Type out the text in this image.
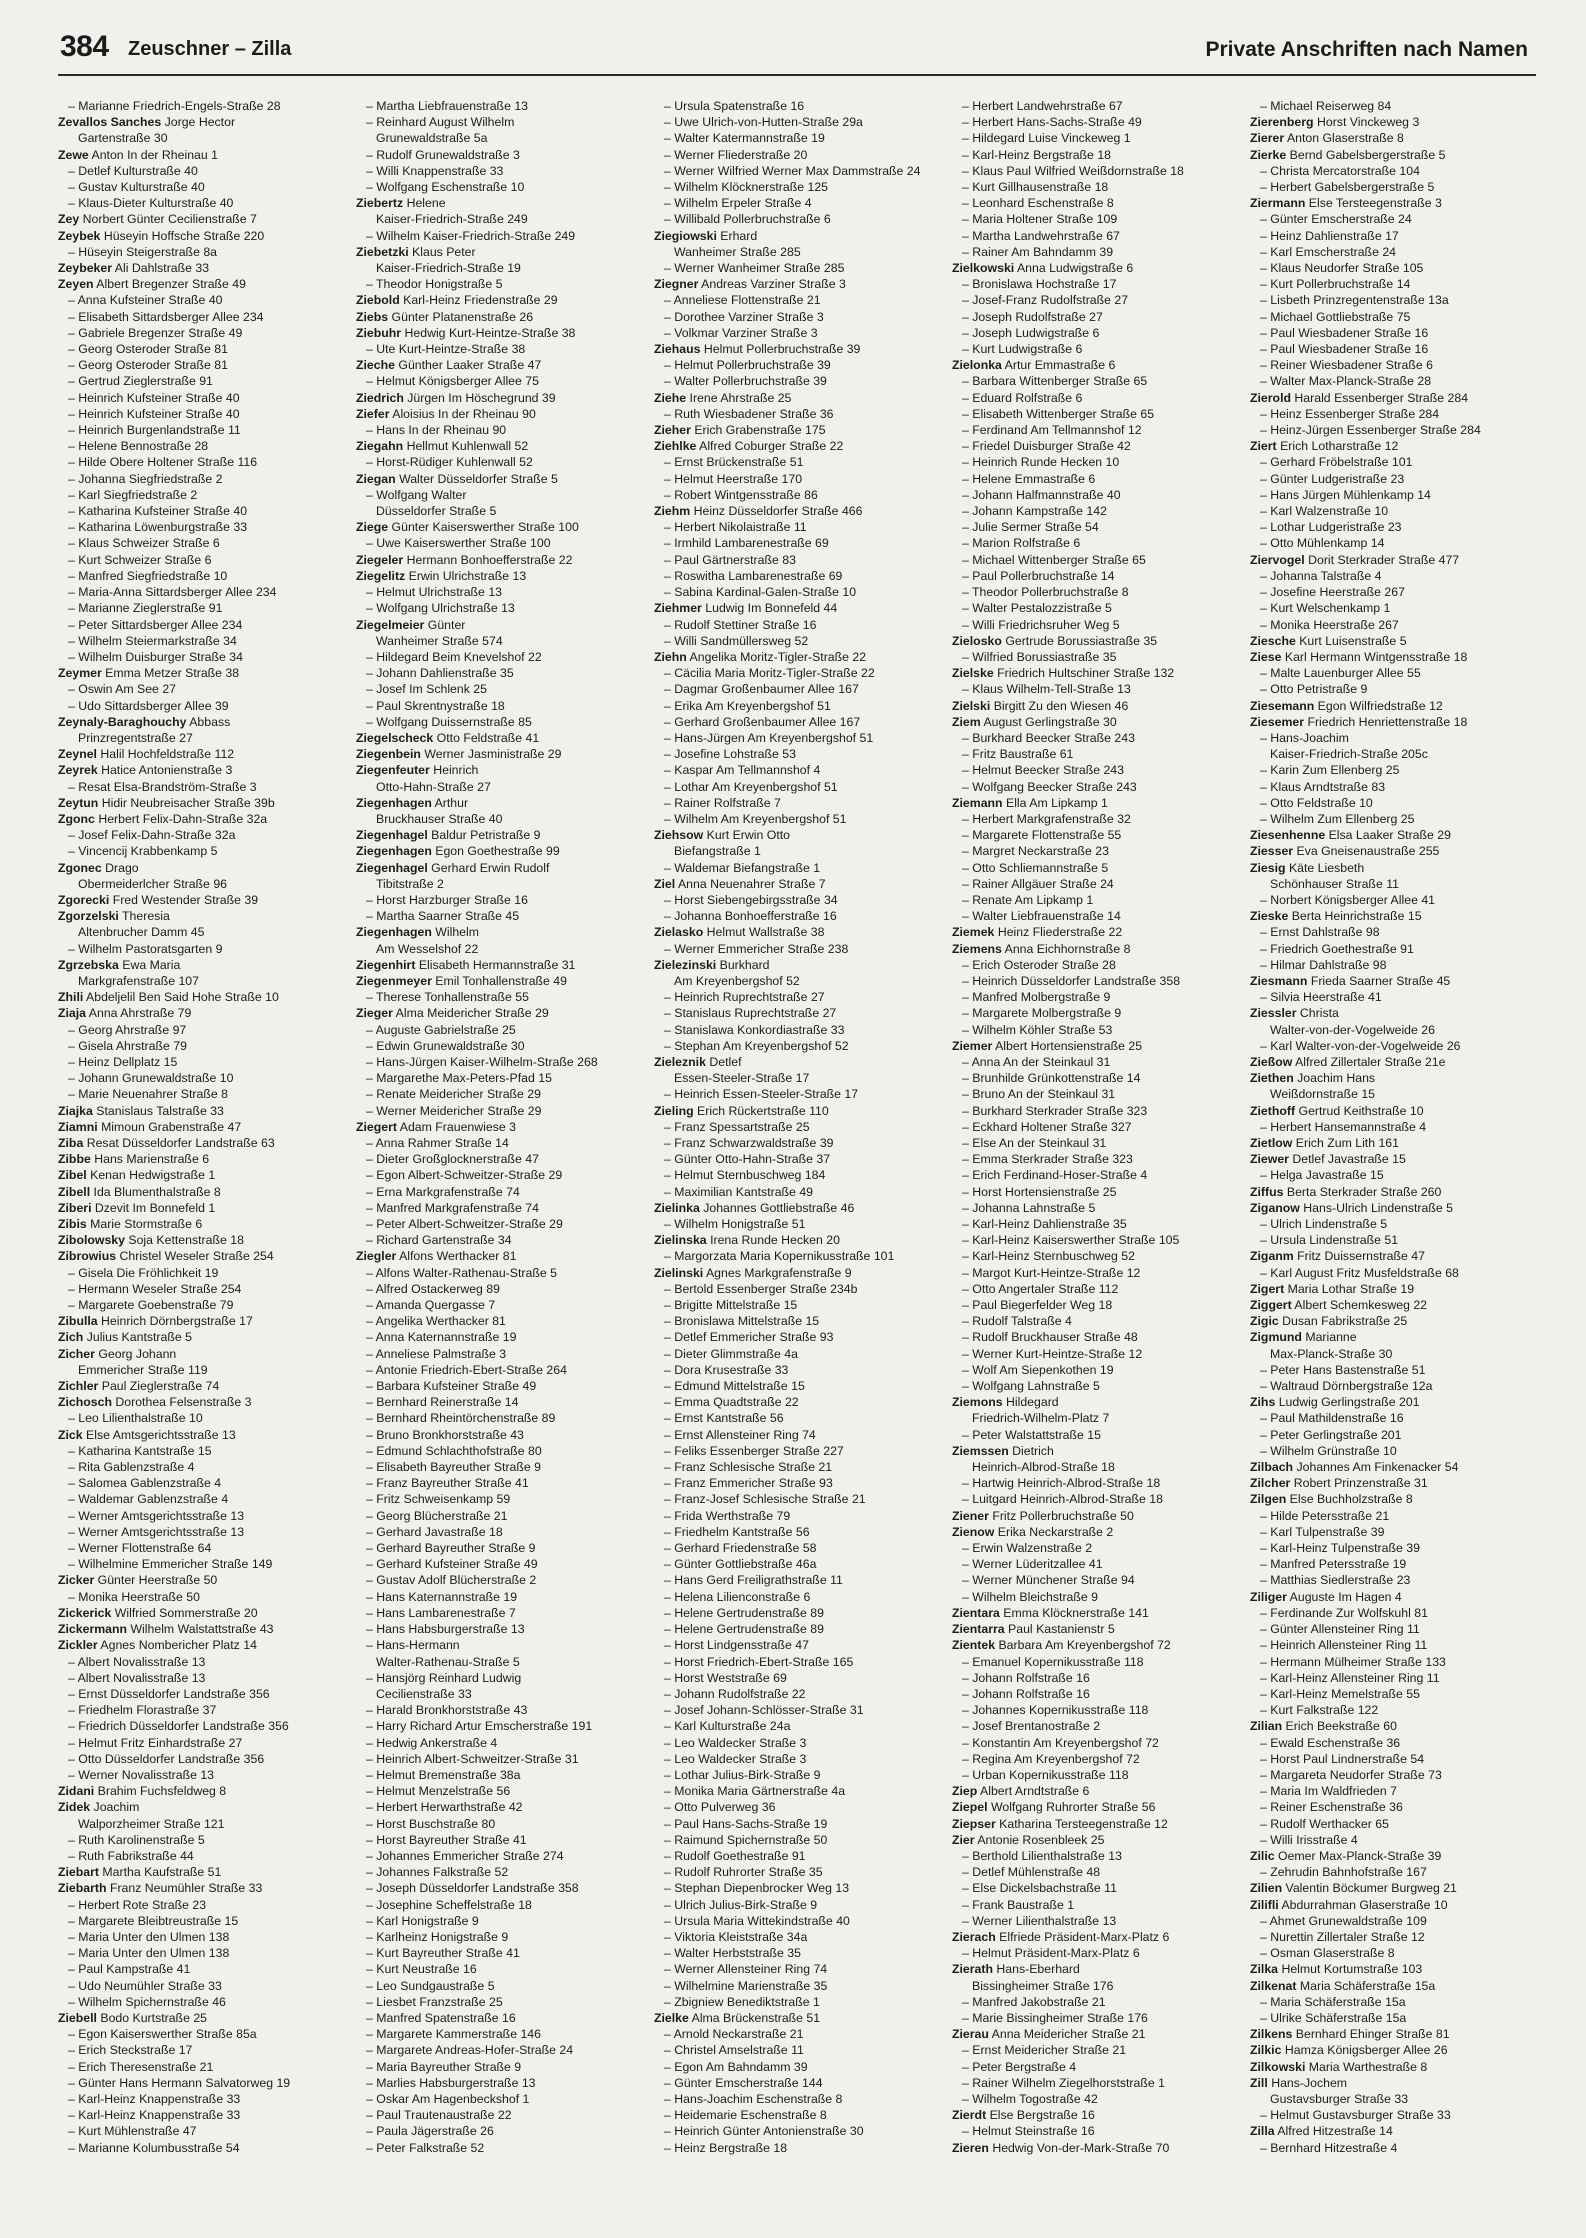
384 Zeuschner – Zilla	Private Anschriften nach Namen
– Marianne Friedrich-Engels-Straße 28
Zevallos Sanches Jorge Hector
Gartenstraße 30
Zewe Anton In der Rheinau 1
– Detlef Kulturstraße 40
– Gustav Kulturstraße 40
– Klaus-Dieter Kulturstraße 40
Zey Norbert Günter Cecilienstraße 7
Zeybek Hüseyin Hoffsche Straße 220
– Hüseyin Steigerstraße 8a
Zeybeker Ali Dahlstraße 33
Zeyen Albert Bregenzer Straße 49
– Anna Kufsteiner Straße 40
– Elisabeth Sittardsberger Allee 234
– Gabriele Bregenzer Straße 49
– Georg Osteroder Straße 81
– Georg Osteroder Straße 81
– Gertrud Zieglerstraße 91
– Heinrich Kufsteiner Straße 40
– Heinrich Kufsteiner Straße 40
– Heinrich Burgenlandstraße 11
– Helene Bennostraße 28
– Hilde Obere Holtener Straße 116
– Johanna Siegfriedstraße 2
– Karl Siegfriedstraße 2
– Katharina Kufsteiner Straße 40
– Katharina Löwenburgstraße 33
– Klaus Schweizer Straße 6
– Kurt Schweizer Straße 6
– Manfred Siegfriedstraße 10
– Maria-Anna Sittardsberger Allee 234
– Marianne Zieglerstraße 91
– Peter Sittardsberger Allee 234
– Wilhelm Steiermarkstraße 34
– Wilhelm Duisburger Straße 34
Zeymer Emma Metzer Straße 38
– Oswin Am See 27
– Udo Sittardsberger Allee 39
Zeynaly-Baraghouchy Abbass
Prinzregentstraße 27
Zeynel Halil Hochfeldstraße 112
Zeyrek Hatice Antonienstraße 3
– Resat Elsa-Brandström-Straße 3
Zeytun Hidir Neubreisacher Straße 39b
Zgonc Herbert Felix-Dahn-Straße 32a
– Josef Felix-Dahn-Straße 32a
– Vincencij Krabbenkamp 5
Zgonec Drago
Obermeiderlcher Straße 96
Zgorecki Fred Westender Straße 39
Zgorzelski Theresia
Altenbrucher Damm 45
– Wilhelm Pastoratsgarten 9
Zgrzebska Ewa Maria
Markgrafenstraße 107
Zhili Abdeljelil Ben Said Hohe Straße 10
Ziaja Anna Ahrstraße 79
– Georg Ahrstraße 97
– Gisela Ahrstraße 79
– Heinz Dellplatz 15
– Johann Grunewaldstraße 10
– Marie Neuenahrer Straße 8
Ziajka Stanislaus Talstraße 33
Ziamni Mimoun Grabenstraße 47
Ziba Resat Düsseldorfer Landstraße 63
Zibbe Hans Marienstraße 6
Zibel Kenan Hedwigstraße 1
Zibell Ida Blumenthalstraße 8
Ziberi Dzevit Im Bonnefeld 1
Zibis Marie Stormstraße 6
Zibolowsky Soja Kettenstraße 18
Zibrowius Christel Weseler Straße 254
– Gisela Die Fröhlichkeit 19
– Hermann Weseler Straße 254
– Margarete Goebenstraße 79
Zibulla Heinrich Dörnbergstraße 17
Zich Julius Kantstraße 5
Zicher Georg Johann
Emmericher Straße 119
Zichler Paul Zieglerstraße 74
Zichosch Dorothea Felsenstraße 3
– Leo Lilienthalstraße 10
Zick Else Amtsgerichtsstraße 13
– Katharina Kantstraße 15
– Rita Gablenzstraße 4
– Salomea Gablenzstraße 4
– Waldemar Gablenzstraße 4
– Werner Amtsgerichtsstraße 13
– Werner Amtsgerichtsstraße 13
– Werner Flottenstraße 64
– Wilhelmine Emmericher Straße 149
Zicker Günter Heerstraße 50
– Monika Heerstraße 50
Zickerick Wilfried Sommerstraße 20
Zickermann Wilhelm Walstattstraße 43
Zickler Agnes Nombericher Platz 14
– Albert Novalisstraße 13
– Albert Novalisstraße 13
– Ernst Düsseldorfer Landstraße 356
– Friedhelm Florastraße 37
– Friedrich Düsseldorfer Landstraße 356
– Helmut Fritz Einhardstraße 27
– Otto Düsseldorfer Landstraße 356
– Werner Novalisstraße 13
Zidani Brahim Fuchsfeldweg 8
Zidek Joachim
Walporzheimer Straße 121
– Ruth Karolinenstraße 5
– Ruth Fabrikstraße 44
Ziebart Martha Kaufstraße 51
Ziebarth Franz Neumühler Straße 33
– Herbert Rote Straße 23
– Margarete Bleibtreustraße 15
– Maria Unter den Ulmen 138
– Maria Unter den Ulmen 138
– Paul Kampstraße 41
– Udo Neumühler Straße 33
– Wilhelm Spichernstraße 46
Ziebell Bodo Kurtstraße 25
– Egon Kaiserswerther Straße 85a
– Erich Steckstraße 17
– Erich Theresenstraße 21
– Günter Hans Hermann Salvatorweg 19
– Karl-Heinz Knappenstraße 33
– Karl-Heinz Knappenstraße 33
– Kurt Mühlenstraße 47
– Marianne Kolumbusstraße 54
– Martha Liebfrauenstraße 13
– Reinhard August Wilhelm
Grunewaldstraße 5a
– Rudolf Grunewaldstraße 3
– Willi Knappenstraße 33
– Wolfgang Eschenstraße 10
Ziebertz Helene
Kaiser-Friedrich-Straße 249
– Wilhelm Kaiser-Friedrich-Straße 249
Ziebetzki Klaus Peter
Kaiser-Friedrich-Straße 19
– Theodor Honigstraße 5
Ziebold Karl-Heinz Friedenstraße 29
Ziebs Günter Platanenstraße 26
Ziebuhr Hedwig Kurt-Heintze-Straße 38
– Ute Kurt-Heintze-Straße 38
Zieche Günther Laaker Straße 47
– Helmut Königsberger Allee 75
Ziedrich Jürgen Im Höschegrund 39
Ziefer Aloisius In der Rheinau 90
– Hans In der Rheinau 90
Ziegahn Hellmut Kuhlenwall 52
– Horst-Rüdiger Kuhlenwall 52
Ziegan Walter Düsseldorfer Straße 5
– Wolfgang Walter
Düsseldorfer Straße 5
Ziege Günter Kaiserswerther Straße 100
– Uwe Kaiserswerther Straße 100
Ziegeler Hermann Bonhoefferstraße 22
Ziegelitz Erwin Ulrichstraße 13
– Helmut Ulrichstraße 13
– Wolfgang Ulrichstraße 13
Ziegelmeier Günter
Wanheimer Straße 574
– Hildegard Beim Knevelshof 22
– Johann Dahlienstraße 35
– Josef Im Schlenk 25
– Paul Skrentnystraße 18
– Wolfgang Duissernstraße 85
Ziegelscheck Otto Feldstraße 41
Ziegenbein Werner Jasministraße 29
Ziegenfeuter Heinrich
Otto-Hahn-Straße 27
Ziegenhagen Arthur
Bruckhauser Straße 40
Ziegenhagel Baldur Petristraße 9
Ziegenhagen Egon Goethestraße 99
Ziegenhagel Gerhard Erwin Rudolf
Tibitstraße 2
– Horst Harzburger Straße 16
– Martha Saarner Straße 45
Ziegenhagen Wilhelm
Am Wesselshof 22
Ziegenhirt Elisabeth Hermannstraße 31
Ziegenmeyer Emil Tonhallenstraße 49
– Therese Tonhallenstraße 55
Zieger Alma Meidericher Straße 29
– Auguste Gabrielstraße 25
– Edwin Grunewaldstraße 30
– Hans-Jürgen Kaiser-Wilhelm-Straße 268
– Margarethe Max-Peters-Pfad 15
– Renate Meidericher Straße 29
– Werner Meidericher Straße 29
Ziegert Adam Frauenwiese 3
– Anna Rahmer Straße 14
– Dieter Großglocknerstraße 47
– Egon Albert-Schweitzer-Straße 29
– Erna Markgrafenstraße 74
– Manfred Markgrafenstraße 74
– Peter Albert-Schweitzer-Straße 29
– Richard Gartenstraße 34
Ziegler Alfons Werthacker 81
– Alfons Walter-Rathenau-Straße 5
– Alfred Ostackerweg 89
– Amanda Quergasse 7
– Angelika Werthacker 81
– Anna Katernannstraße 19
– Anneliese Palmstraße 3
– Antonie Friedrich-Ebert-Straße 264
– Barbara Kufsteiner Straße 49
– Bernhard Reinerstraße 14
– Bernhard Rheintörchenstraße 89
– Bruno Bronkhorststraße 43
– Edmund Schlachthofstraße 80
– Elisabeth Bayreuther Straße 9
– Franz Bayreuther Straße 41
– Fritz Schweisenkamp 59
– Georg Blücherstraße 21
– Gerhard Javastraße 18
– Gerhard Bayreuther Straße 9
– Gerhard Kufsteiner Straße 49
– Gustav Adolf Blücherstraße 2
– Hans Katernannstraße 19
– Hans Lambarenestraße 7
– Hans Habsburgerstraße 13
– Hans-Hermann
Walter-Rathenau-Straße 5
– Hansjörg Reinhard Ludwig
Cecilienstraße 33
– Harald Bronkhorststraße 43
– Harry Richard Artur Emscherstraße 191
– Hedwig Ankerstraße 4
– Heinrich Albert-Schweitzer-Straße 31
– Helmut Bremenstraße 38a
– Helmut Menzelstraße 56
– Herbert Herwarthstraße 42
– Horst Buschstraße 80
– Horst Bayreuther Straße 41
– Johannes Emmericher Straße 274
– Johannes Falkstraße 52
– Joseph Düsseldorfer Landstraße 358
– Josephine Scheffelstraße 18
– Karl Honigstraße 9
– Karlheinz Honigstraße 9
– Kurt Bayreuther Straße 41
– Kurt Neustraße 16
– Leo Sundgaustraße 5
– Liesbet Franzstraße 25
– Manfred Spatenstraße 16
– Margarete Kammerstraße 146
– Margarete Andreas-Hofer-Straße 24
– Maria Bayreuther Straße 9
– Marlies Habsburgerstraße 13
– Oskar Am Hagenbeckshof 1
– Paul Trautenaustraße 22
– Paula Jägerstraße 26
– Peter Falkstraße 52
– Ursula Spatenstraße 16
– Uwe Ulrich-von-Hutten-Straße 29a
– Walter Katermannstraße 19
– Werner Fliederstraße 20
– Werner Wilfried Werner Max Dammstraße 24
– Wilhelm Klöcknerstraße 125
– Wilhelm Erpeler Straße 4
– Willibald Pollerbruchstraße 6
Ziegiowski Erhard
Wanheimer Straße 285
– Werner Wanheimer Straße 285
Ziegner Andreas Varziner Straße 3
– Anneliese Flottenstraße 21
– Dorothee Varziner Straße 3
– Volkmar Varziner Straße 3
Ziehaus Helmut Pollerbruchstraße 39
– Helmut Pollerbruchstraße 39
– Walter Pollerbruchstraße 39
Ziehe Irene Ahrstraße 25
– Ruth Wiesbadener Straße 36
Zieher Erich Grabenstraße 175
Ziehlke Alfred Coburger Straße 22
– Ernst Brückenstraße 51
– Helmut Heerstraße 170
– Robert Wintgensstraße 86
Ziehm Heinz Düsseldorfer Straße 466
– Herbert Nikolaistraße 11
– Irmhild Lambarenestraße 69
– Paul Gärtnerstraße 83
– Roswitha Lambarenestraße 69
– Sabina Kardinal-Galen-Straße 10
Ziehmer Ludwig Im Bonnefeld 44
– Rudolf Stettiner Straße 16
– Willi Sandmüllersweg 52
Ziehn Angelika Moritz-Tigler-Straße 22
– Cäcilia Maria Moritz-Tigler-Straße 22
– Dagmar Großenbaumer Allee 167
– Erika Am Kreyenbergshof 51
– Gerhard Großenbaumer Allee 167
– Hans-Jürgen Am Kreyenbergshof 51
– Josefine Lohstraße 53
– Kaspar Am Tellmannshof 4
– Lothar Am Kreyenbergshof 51
– Rainer Rolfstraße 7
– Wilhelm Am Kreyenbergshof 51
Ziehsow Kurt Erwin Otto
Biefangstraße 1
– Waldemar Biefangstraße 1
Ziel Anna Neuenahrer Straße 7
– Horst Siebengebirgsstraße 34
– Johanna Bonhoefferstraße 16
Zielasko Helmut Wallstraße 38
– Werner Emmericher Straße 238
Zielezinski Burkhard
Am Kreyenbergshof 52
– Heinrich Ruprechtstraße 27
– Stanislaus Ruprechtstraße 27
– Stanislawa Konkordiastraße 33
– Stephan Am Kreyenbergshof 52
Zieleznik Detlef
Essen-Steeler-Straße 17
– Heinrich Essen-Steeler-Straße 17
Zieling Erich Rückertstraße 110
– Franz Spessartstraße 25
– Franz Schwarzwaldstraße 39
– Günter Otto-Hahn-Straße 37
– Helmut Sternbuschweg 184
– Maximilian Kantstraße 49
Zielinka Johannes Gottliebstraße 46
– Wilhelm Honigstraße 51
Zielinska Irena Runde Hecken 20
– Margorzata Maria Kopernikusstraße 101
Zielinski Agnes Markgrafenstraße 9
– Bertold Essenberger Straße 234b
– Brigitte Mittelstraße 15
– Bronislawa Mittelstraße 15
– Detlef Emmericher Straße 93
– Dieter Glimmstraße 4a
– Dora Krusestraße 33
– Edmund Mittelstraße 15
– Emma Quadtstraße 22
– Ernst Kantstraße 56
– Ernst Allensteiner Ring 74
– Feliks Essenberger Straße 227
– Franz Schlesische Straße 21
– Franz Emmericher Straße 93
– Franz-Josef Schlesische Straße 21
– Frida Werthstraße 79
– Friedhelm Kantstraße 56
– Gerhard Friedenstraße 58
– Günter Gottliebstraße 46a
– Hans Gerd Freiligrathstraße 11
– Helena Lilienconstraße 6
– Helene Gertrudenstraße 89
– Helene Gertrudenstraße 89
– Horst Lindgensstraße 47
– Horst Friedrich-Ebert-Straße 165
– Horst Weststraße 69
– Johann Rudolfstraße 22
– Josef Johann-Schlösser-Straße 31
– Karl Kulturstraße 24a
– Leo Waldecker Straße 3
– Leo Waldecker Straße 3
– Lothar Julius-Birk-Straße 9
– Monika Maria Gärtnerstraße 4a
– Otto Pulverweg 36
– Paul Hans-Sachs-Straße 19
– Raimund Spichernstraße 50
– Rudolf Goethestraße 91
– Rudolf Ruhrorter Straße 35
– Stephan Diepenbrocker Weg 13
– Ulrich Julius-Birk-Straße 9
– Ursula Maria Wittekindstraße 40
– Viktoria Kleiststraße 34a
– Walter Herbststraße 35
– Werner Allensteiner Ring 74
– Wilhelmine Marienstraße 35
– Zbigniew Benediktstraße 1
Zielke Alma Brückenstraße 51
– Arnold Neckarstraße 21
– Christel Amselstraße 11
– Egon Am Bahndamm 39
– Günter Emscherstraße 144
– Hans-Joachim Eschenstraße 8
– Heidemarie Eschenstraße 8
– Heinrich Günter Antonienstraße 30
– Heinz Bergstraße 18
– Herbert Landwehrstraße 67
– Herbert Hans-Sachs-Straße 49
– Hildegard Luise Vinckeweg 1
– Karl-Heinz Bergstraße 18
– Klaus Paul Wilfried Weißdornstraße 18
– Kurt Gillhausenstraße 18
– Leonhard Eschenstraße 8
– Maria Holtener Straße 109
– Martha Landwehrstraße 67
– Rainer Am Bahndamm 39
Zielkowski Anna Ludwigstraße 6
– Bronislawa Hochstraße 17
– Josef-Franz Rudolfstraße 27
– Joseph Rudolfstraße 27
– Joseph Ludwigstraße 6
– Kurt Ludwigstraße 6
Zielonka Artur Emmastraße 6
– Barbara Wittenberger Straße 65
– Eduard Rolfstraße 6
– Elisabeth Wittenberger Straße 65
– Ferdinand Am Tellmannshof 12
– Friedel Duisburger Straße 42
– Heinrich Runde Hecken 10
– Helene Emmastraße 6
– Johann Halfmannstraße 40
– Johann Kampstraße 142
– Julie Sermer Straße 54
– Marion Rolfstraße 6
– Michael Wittenberger Straße 65
– Paul Pollerbruchstraße 14
– Theodor Pollerbruchstraße 8
– Walter Pestalozzistraße 5
– Willi Friedrichsruher Weg 5
Zielosko Gertrude Borussiastraße 35
– Wilfried Borussiastraße 35
Zielske Friedrich Hultschiner Straße 132
– Klaus Wilhelm-Tell-Straße 13
Zielski Birgitt Zu den Wiesen 46
Ziem August Gerlingstraße 30
– Burkhard Beecker Straße 243
– Fritz Baustraße 61
– Helmut Beecker Straße 243
– Wolfgang Beecker Straße 243
Ziemann Ella Am Lipkamp 1
– Herbert Markgrafenstraße 32
– Margarete Flottenstraße 55
– Margret Neckarstraße 23
– Otto Schliemannstraße 5
– Rainer Allgäuer Straße 24
– Renate Am Lipkamp 1
– Walter Liebfrauenstraße 14
Ziemek Heinz Fliederstraße 22
Ziemens Anna Eichhornstraße 8
– Erich Osteroder Straße 28
– Heinrich Düsseldorfer Landstraße 358
– Manfred Molbergstraße 9
– Margarete Molbergstraße 9
– Wilhelm Köhler Straße 53
Ziemer Albert Hortensienstraße 25
– Anna An der Steinkaul 31
– Brunhilde Grünkottenstraße 14
– Bruno An der Steinkaul 31
– Burkhard Sterkrader Straße 323
– Eckhard Holtener Straße 327
– Else An der Steinkaul 31
– Emma Sterkrader Straße 323
– Erich Ferdinand-Hoser-Straße 4
– Horst Hortensienstraße 25
– Johanna Lahnstraße 5
– Karl-Heinz Dahlienstraße 35
– Karl-Heinz Kaiserswerther Straße 105
– Karl-Heinz Sternbuschweg 52
– Margot Kurt-Heintze-Straße 12
– Otto Angertaler Straße 112
– Paul Biegerfelder Weg 18
– Rudolf Talstraße 4
– Rudolf Bruckhauser Straße 48
– Werner Kurt-Heintze-Straße 12
– Wolf Am Siepenkothen 19
– Wolfgang Lahnstraße 5
Ziemons Hildegard
Friedrich-Wilhelm-Platz 7
– Peter Walstattstraße 15
Ziemssen Dietrich
Heinrich-Albrod-Straße 18
– Hartwig Heinrich-Albrod-Straße 18
– Luitgard Heinrich-Albrod-Straße 18
Ziener Fritz Pollerbruchstraße 50
Zienow Erika Neckarstraße 2
– Erwin Walzenstraße 2
– Werner Lüderitzallee 41
– Werner Münchener Straße 94
– Wilhelm Bleichstraße 9
Zientara Emma Klöcknerstraße 141
Zientarra Paul Kastanienstr 5
Zientek Barbara Am Kreyenbergshof 72
– Emanuel Kopernikusstraße 118
– Johann Rolfstraße 16
– Johann Rolfstraße 16
– Johannes Kopernikusstraße 118
– Josef Brentanostraße 2
– Konstantin Am Kreyenbergshof 72
– Regina Am Kreyenbergshof 72
– Urban Kopernikusstraße 118
Ziep Albert Arndtstraße 6
Ziepel Wolfgang Ruhrorter Straße 56
Ziepser Katharina Tersteegenstraße 12
Zier Antonie Rosenbleek 25
– Berthold Lilienthalstraße 13
– Detlef Mühlenstraße 48
– Else Dickelsbachstraße 11
– Frank Baustraße 1
– Werner Lilienthalstraße 13
Zierach Elfriede Präsident-Marx-Platz 6
– Helmut Präsident-Marx-Platz 6
Zierath Hans-Eberhard
Bissingheimer Straße 176
– Manfred Jakobstraße 21
– Marie Bissingheimer Straße 176
Zierau Anna Meidericher Straße 21
– Ernst Meidericher Straße 21
– Peter Bergstraße 4
– Rainer Wilhelm Ziegelhorststraße 1
– Wilhelm Togostraße 42
Zierdt Else Bergstraße 16
– Helmut Steinstraße 16
Zieren Hedwig Von-der-Mark-Straße 70
– Michael Reiserweg 84
Zierenberg Horst Vinckeweg 3
Zierer Anton Glaserstraße 8
Zierke Bernd Gabelsbergerstraße 5
– Christa Mercatorstraße 104
– Herbert Gabelsbergerstraße 5
Ziermann Else Tersteegenstraße 3
– Günter Emscherstraße 24
– Heinz Dahlienstraße 17
– Karl Emscherstraße 24
– Klaus Neudorfer Straße 105
– Kurt Pollerbruchstraße 14
– Lisbeth Prinzregentenstraße 13a
– Michael Gottliebstraße 75
– Paul Wiesbadener Straße 16
– Paul Wiesbadener Straße 16
– Reiner Wiesbadener Straße 6
– Walter Max-Planck-Straße 28
Zierold Harald Essenberger Straße 284
– Heinz Essenberger Straße 284
– Heinz-Jürgen Essenberger Straße 284
Ziert Erich Lotharstraße 12
– Gerhard Fröbelstraße 101
– Günter Ludgeristraße 23
– Hans Jürgen Mühlenkamp 14
– Karl Walzenstraße 10
– Lothar Ludgeristraße 23
– Otto Mühlenkamp 14
Ziervogel Dorit Sterkrader Straße 477
– Johanna Talstraße 4
– Josefine Heerstraße 267
– Kurt Welschenkamp 1
– Monika Heerstraße 267
Ziesche Kurt Luisenstraße 5
Ziese Karl Hermann Wintgensstraße 18
– Malte Lauenburger Allee 55
– Otto Petristraße 9
Ziesemann Egon Wilfriedstraße 12
Ziesemer Friedrich Henriettenstraße 18
– Hans-Joachim
Kaiser-Friedrich-Straße 205c
– Karin Zum Ellenberg 25
– Klaus Arndtstraße 83
– Otto Feldstraße 10
– Wilhelm Zum Ellenberg 25
Ziesenhenne Elsa Laaker Straße 29
Ziesser Eva Gneisenaustraße 255
Ziesig Käte Liesbeth
Schönhauser Straße 11
– Norbert Königsberger Allee 41
Zieske Berta Heinrichstraße 15
– Ernst Dahlstraße 98
– Friedrich Goethestraße 91
– Hilmar Dahlstraße 98
Ziesmann Frieda Saarner Straße 45
– Silvia Heerstraße 41
Ziessler Christa
Walter-von-der-Vogelweide 26
– Karl Walter-von-der-Vogelweide 26
Zießow Alfred Zillertaler Straße 21e
Ziethen Joachim Hans
Weißdornstraße 15
Ziethoff Gertrud Keithstraße 10
– Herbert Hansemannstraße 4
Zietlow Erich Zum Lith 161
Ziewer Detlef Javastraße 15
– Helga Javastraße 15
Ziffus Berta Sterkrader Straße 260
Ziganow Hans-Ulrich Lindenstraße 5
– Ulrich Lindenstraße 5
– Ursula Lindenstraße 51
Ziganm Fritz Duissernstraße 47
– Karl August Fritz Musfeldstraße 68
Zigert Maria Lothar Straße 19
Ziggert Albert Schemkesweg 22
Zigic Dusan Fabrikstraße 25
Zigmund Marianne
Max-Planck-Straße 30
– Peter Hans Bastenstraße 51
– Waltraud Dörnbergstraße 12a
Zihs Ludwig Gerlingstraße 201
– Paul Mathildenstraße 16
– Peter Gerlingstraße 201
– Wilhelm Grünstraße 10
Zilbach Johannes Am Finkenacker 54
Zilcher Robert Prinzenstraße 31
Zilgen Else Buchholzstraße 8
– Hilde Petersstraße 21
– Karl Tulpenstraße 39
– Karl-Heinz Tulpenstraße 39
– Manfred Petersstraße 19
– Matthias Siedlerstraße 23
Ziliger Auguste Im Hagen 4
– Ferdinande Zur Wolfskuhl 81
– Günter Allensteiner Ring 11
– Heinrich Allensteiner Ring 11
– Hermann Mülheimer Straße 133
– Karl-Heinz Allensteiner Ring 11
– Karl-Heinz Memelstraße 55
– Kurt Falkstraße 122
Zilian Erich Beekstraße 60
– Ewald Eschenstraße 36
– Horst Paul Lindnerstraße 54
– Margareta Neudorfer Straße 73
– Maria Im Waldfrieden 7
– Reiner Eschenstraße 36
– Rudolf Werthacker 65
– Willi Irisstraße 4
Zilic Oemer Max-Planck-Straße 39
– Zehrudin Bahnhofstraße 167
Zilien Valentin Böckumer Burgweg 21
Zilifli Abdurrahman Glaserstraße 10
– Ahmet Grunewaldstraße 109
– Nurettin Zillertaler Straße 12
– Osman Glaserstraße 8
Zilka Helmut Kortumstraße 103
Zilkenat Maria Schäferstraße 15a
– Maria Schäferstraße 15a
– Ulrike Schäferstraße 15a
Zilkens Bernhard Ehinger Straße 81
Zilkic Hamza Königsberger Allee 26
Zilkowski Maria Warthestraße 8
Zill Hans-Jochem
Gustavsburger Straße 33
– Helmut Gustavsburger Straße 33
Zilla Alfred Hitzestraße 14
– Bernhard Hitzestraße 4
